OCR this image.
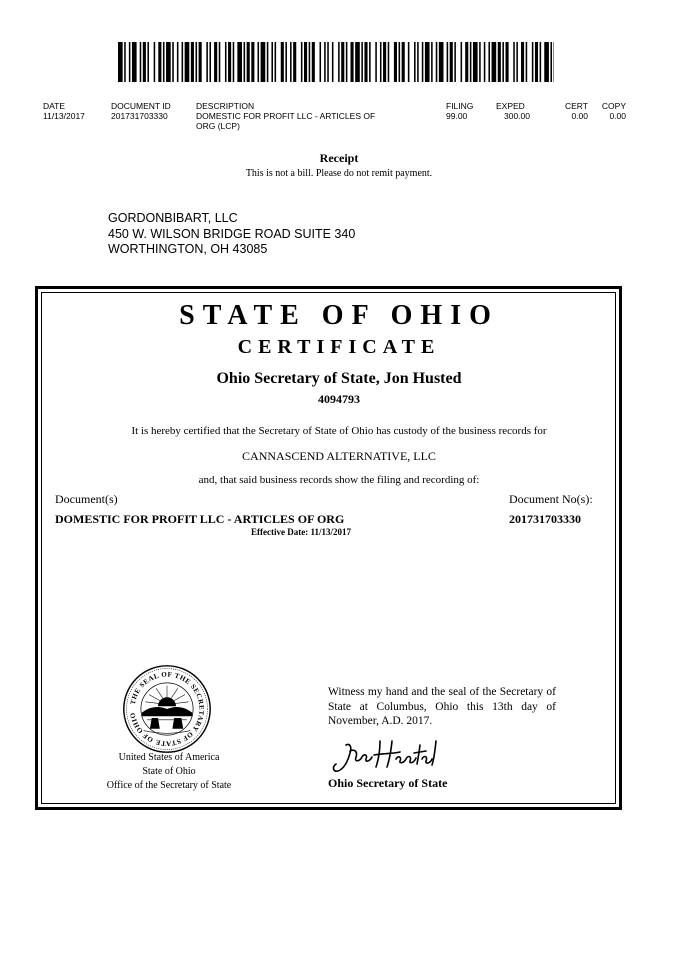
DATE
11/13/2017
DOCUMENT ID
201731703330
DESCRIPTION
DOMESTIC FOR PROFIT LLC - ARTICLES OF
ORG (LCP)
FILING
99.00
EXPED
300.00
CERT
0.00
COPY
0.00
Receipt
This is not a bill. Please do not remit payment.
GORDONBIBART, LLC
450 W. WILSON BRIDGE ROAD SUITE 340
WORTHINGTON, OH 43085
STATE OF OHIO
CERTIFICATE
Ohio Secretary of State, Jon Husted
4094793
It is hereby certified that the Secretary of State of Ohio has custody of the business records for
CANNASCEND ALTERNATIVE, LLC
and, that said business records show the filing and recording of:
Document(s)	Document No(s):
DOMESTIC FOR PROFIT LLC - ARTICLES OF ORG	201731703330
Effective Date: 11/13/2017
THE SEAL OF THE SECRETARY OF STATE OF OHIO
United States of America
State of Ohio
Office of the Secretary of State
Witness my hand and the seal of the Secretary of State at Columbus, Ohio this 13th day of November, A.D. 2017.
Ohio Secretary of State
